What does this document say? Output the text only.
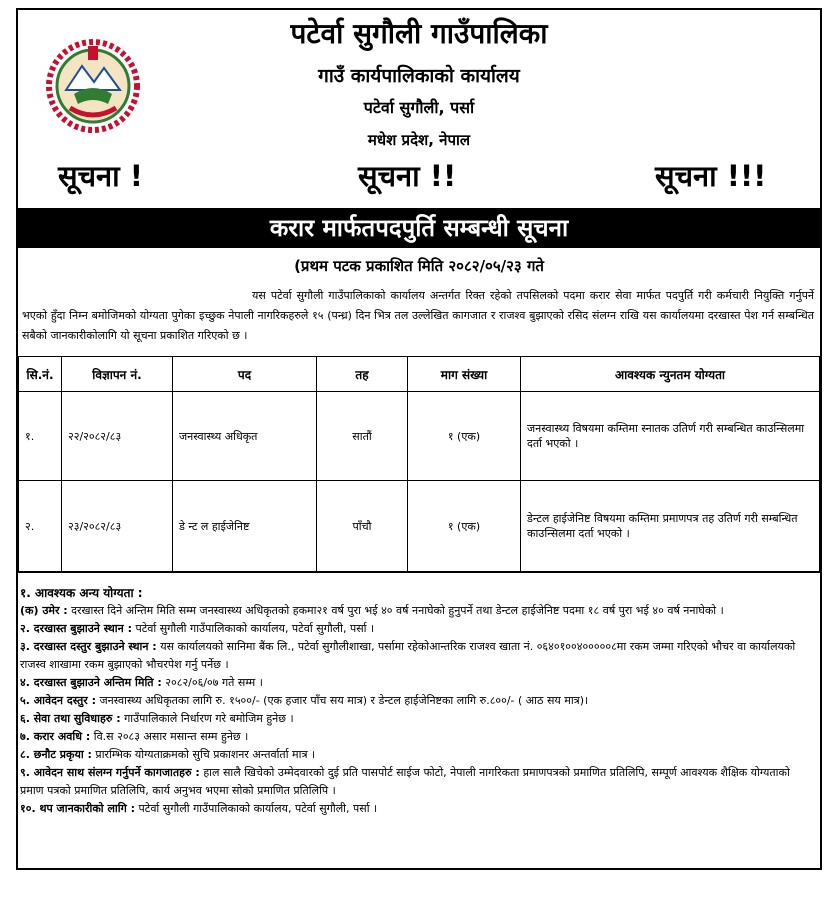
पटेर्वा सुगौली गाउँपालिका
गाउँ कार्यपालिकाको कार्यालय
पटेर्वा सुगौली, पर्सा
मधेश प्रदेश, नेपाल
सूचना !	सूचना !!	सूचना !!!
करार मार्फतपदपुर्ति सम्बन्धी सूचना
(प्रथम पटक प्रकाशित मिति २०८२/०५/२३ गते
यस पटेर्वा सुगौली गाउँपालिकाको कार्यालय अन्तर्गत रिक्त रहेको तपसिलको पदमा करार सेवा मार्फत पदपुर्ति गरी कर्मचारी नियुक्ति गर्नुपर्ने भएको हुँदा निम्न बमोजिमको योग्यता पुगेका इच्छुक नेपाली नागरिकहरुले १५ (पन्ध्र) दिन भित्र तल उल्लेखित कागजात र राजश्व बुझाएको रसिद संलग्न राखि यस कार्यालयमा दरखास्त पेश गर्न सम्बन्धित सबैको जानकारीकोलागि यो सूचना प्रकाशित गरिएको छ ।
सि.नं.	विज्ञापन नं.	पद	तह	माग संख्या	आवश्यक न्युनतम योग्यता
१.	२२/२०८२/८३	जनस्वास्थ्य अधिकृत	सातौं	१ (एक)	जनस्वास्थ्य विषयमा कम्तिमा स्नातक उतिर्ण गरी सम्बन्धित काउन्सिलमा दर्ता भएको ।
२.	२३/२०८२/८३	डे न्ट ल हाईजेनिष्ट	पाँचौ	१ (एक)	डेन्टल हाईजेनिष्ट विषयमा कम्तिमा प्रमाणपत्र तह उतिर्ण गरी सम्बन्धित काउन्सिलमा दर्ता भएको ।

१. आवश्यक अन्य योग्यता :

(क) उमेर : दरखास्त दिने अन्तिम मिति सम्म जनस्वास्थ्य अधिकृतको हकमा२१ वर्ष पुरा भई ४० वर्ष ननाघेको हुनुपर्ने तथा डेन्टल हाईजेनिष्ट पदमा १८ वर्ष पुरा भई ४० वर्ष ननाघेको ।

२. दरखास्त बुझाउने स्थान : पटेर्वा सुगौली गाउँपालिकाको कार्यालय, पटेर्वा सुगौली, पर्सा ।

३. दरखास्त दस्तुर बुझाउने स्थान : यस कार्यालयको सानिमा बैंक लि., पटेर्वा सुगौलीशाखा, पर्सामा रहेकोआन्तरिक राजश्व खाता नं. ०६४०१००४०००००८मा रकम जम्मा गरिएको भौचर वा कार्यालयको राजस्व शाखामा रकम बुझाएको भौचरपेश गर्नु पर्नेछ ।

४. दरखास्त बुझाउने अन्तिम मिति : २०८२/०६/०७ गते सम्म ।

५. आवेदन दस्तुर : जनस्वास्थ्य अधिकृतका लागि रु. १५००/- (एक हजार पाँच सय मात्र) र डेन्टल हाईजेनिष्टका लागि रु.८००/- ( आठ सय मात्र)।

६. सेवा तथा सुविधाहरु : गाउँपालिकाले निर्धारण गरे बमोजिम हुनेछ ।

७. करार अवधि : वि.स २०८३ असार मसान्त सम्म हुनेछ ।

८. छनौट प्रकृया : प्रारम्भिक योग्यताक्रमको सुचि प्रकाशनर अन्तर्वार्ता मात्र ।

९. आवेदन साथ संलग्न गर्नुपर्ने कागजातहरु : हाल सालै खिचेको उम्मेदवारको दुई प्रति पासपोर्ट साईज फोटो, नेपाली नागरिकता प्रमाणपत्रको प्रमाणित प्रतिलिपि, सम्पूर्ण आवश्यक शैक्षिक योग्यताको प्रमाण पत्रको प्रमाणित प्रतिलिपि, कार्य अनुभव भएमा सोको प्रमाणित प्रतिलिपि ।

१०. थप जानकारीको लागि : पटेर्वा सुगौली गाउँपालिकाको कार्यालय, पटेर्वा सुगौली, पर्सा ।
